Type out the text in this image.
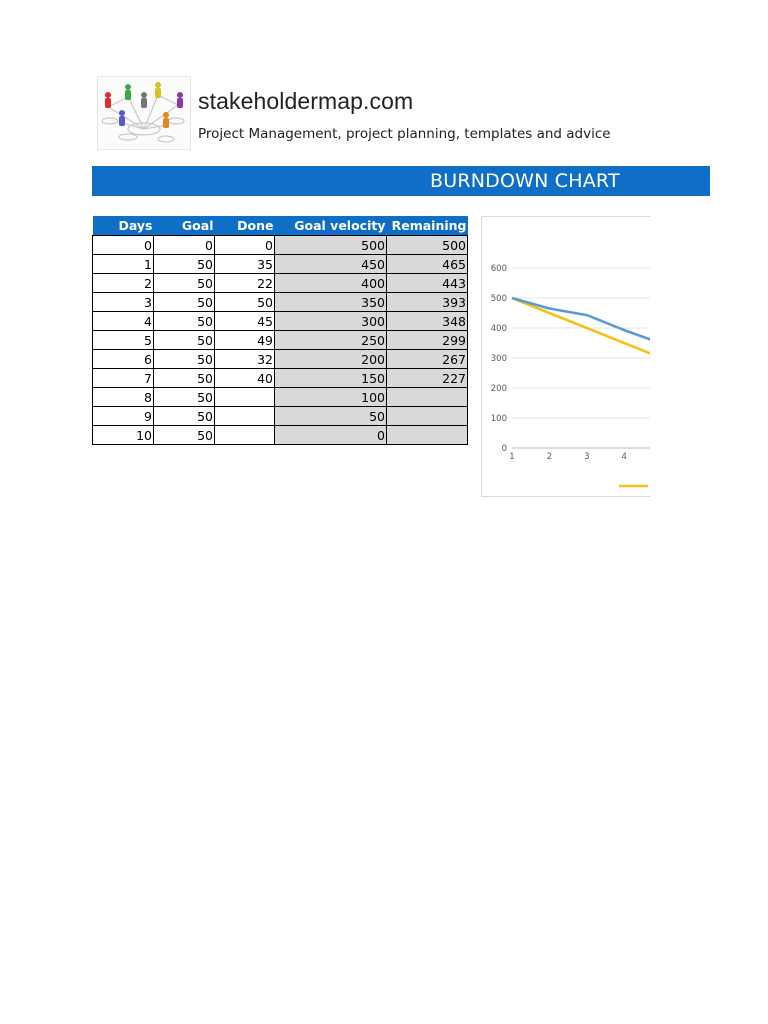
stakeholdermap.com
Project Management, project planning, templates and advice
BURNDOWN CHART
Days	Goal	Done	Goal velocity	Remaining
0	0	0	500	500
1	50	35	450	465
2	50	22	400	443
3	50	50	350	393
4	50	45	300	348
5	50	49	250	299
6	50	32	200	267
7	50	40	150	227
8	50		100	
9	50		50	
10	50		0	
0
100
200
300
400
500
600
1	2	3	4
